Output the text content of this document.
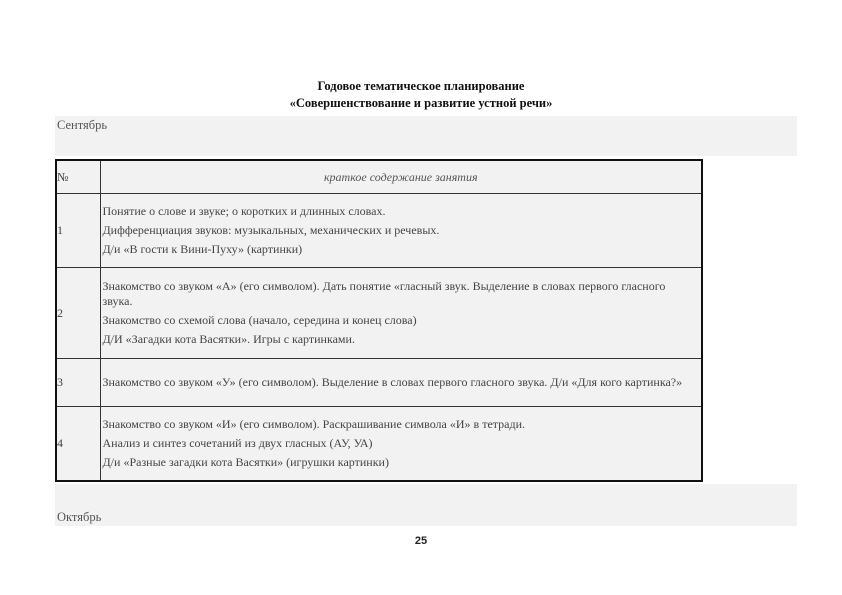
Годовое тематическое планирование
«Совершенствование и развитие устной речи»
Сентябрь
№	краткое содержание занятия
1	Понятие о слове и звуке; о коротких и длинных словах.

Дифференциация звуков: музыкальных, механических и речевых.

Д/и «В гости к Вини-Пуху» (картинки)

2	Знакомство со звуком «А» (его символом). Дать понятие «гласный звук. Выделение в словах первого гласного звука.

Знакомство со схемой слова (начало, середина и конец слова)

Д/И «Загадки кота Васятки». Игры с картинками.

3	Знакомство со звуком «У» (его символом). Выделение в словах первого гласного звука. Д/и «Для кого картинка?»

4	Знакомство со звуком «И» (его символом). Раскрашивание символа «И» в тетради.

Анализ и синтез сочетаний из двух гласных (АУ, УА)

Д/и «Разные загадки кота Васятки» (игрушки картинки)

Октябрь
25
